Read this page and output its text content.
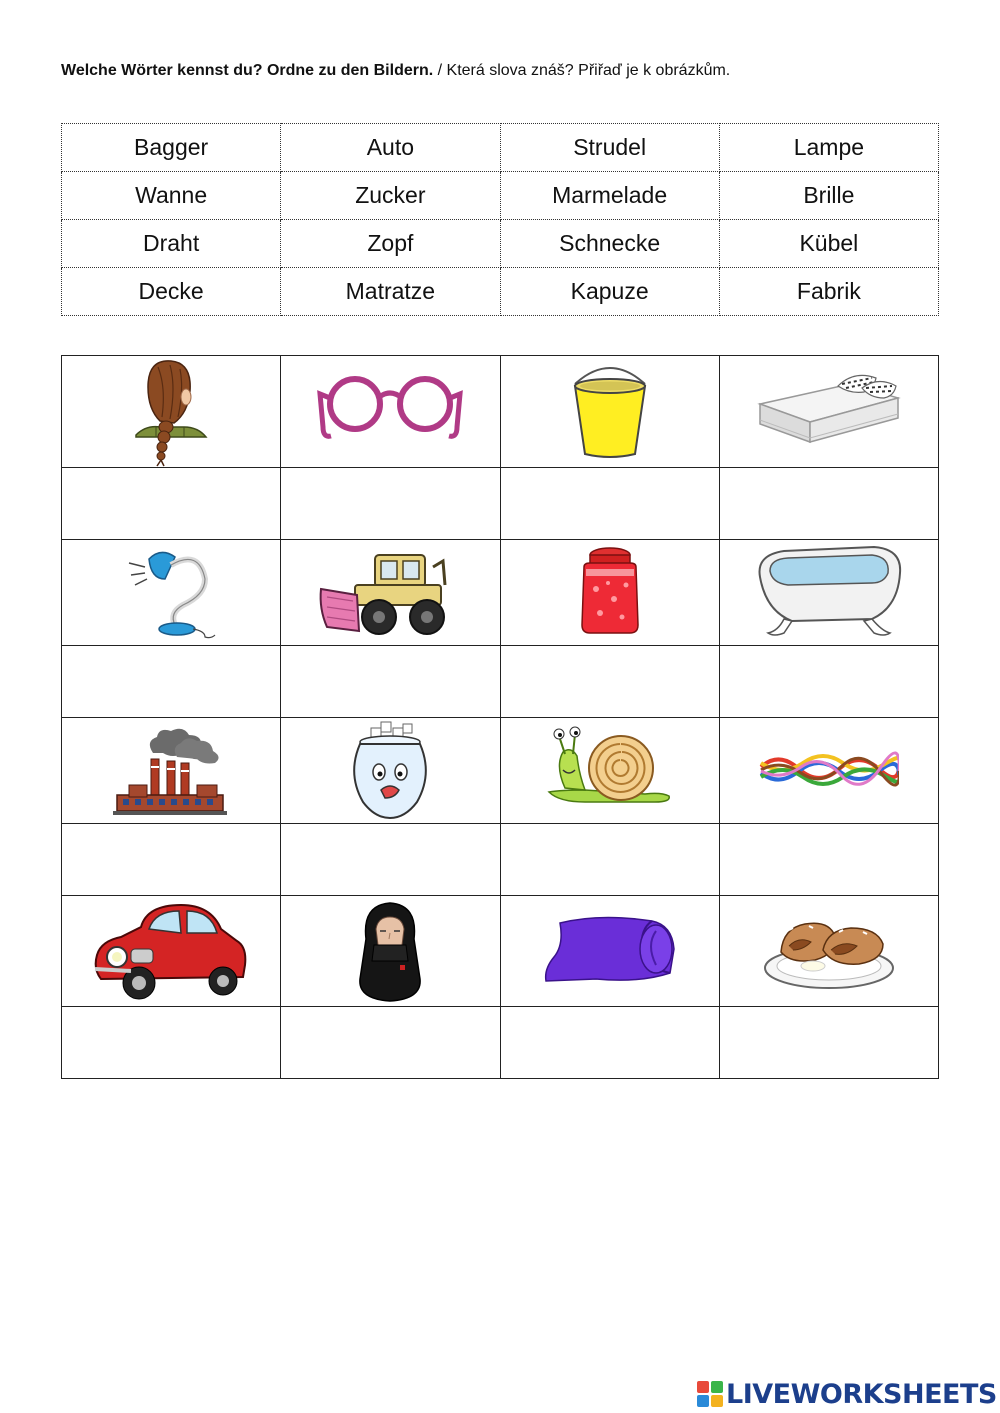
Welche Wörter kennst du? Ordne zu den Bildern. / Která slova znáš? Přiřaď je k obrázkům.
Bagger	Auto	Strudel	Lampe
Wanne	Zucker	Marmelade	Brille
Draht	Zopf	Schnecke	Kübel
Decke	Matratze	Kapuze	Fabrik

LIVEWORKSHEETS
